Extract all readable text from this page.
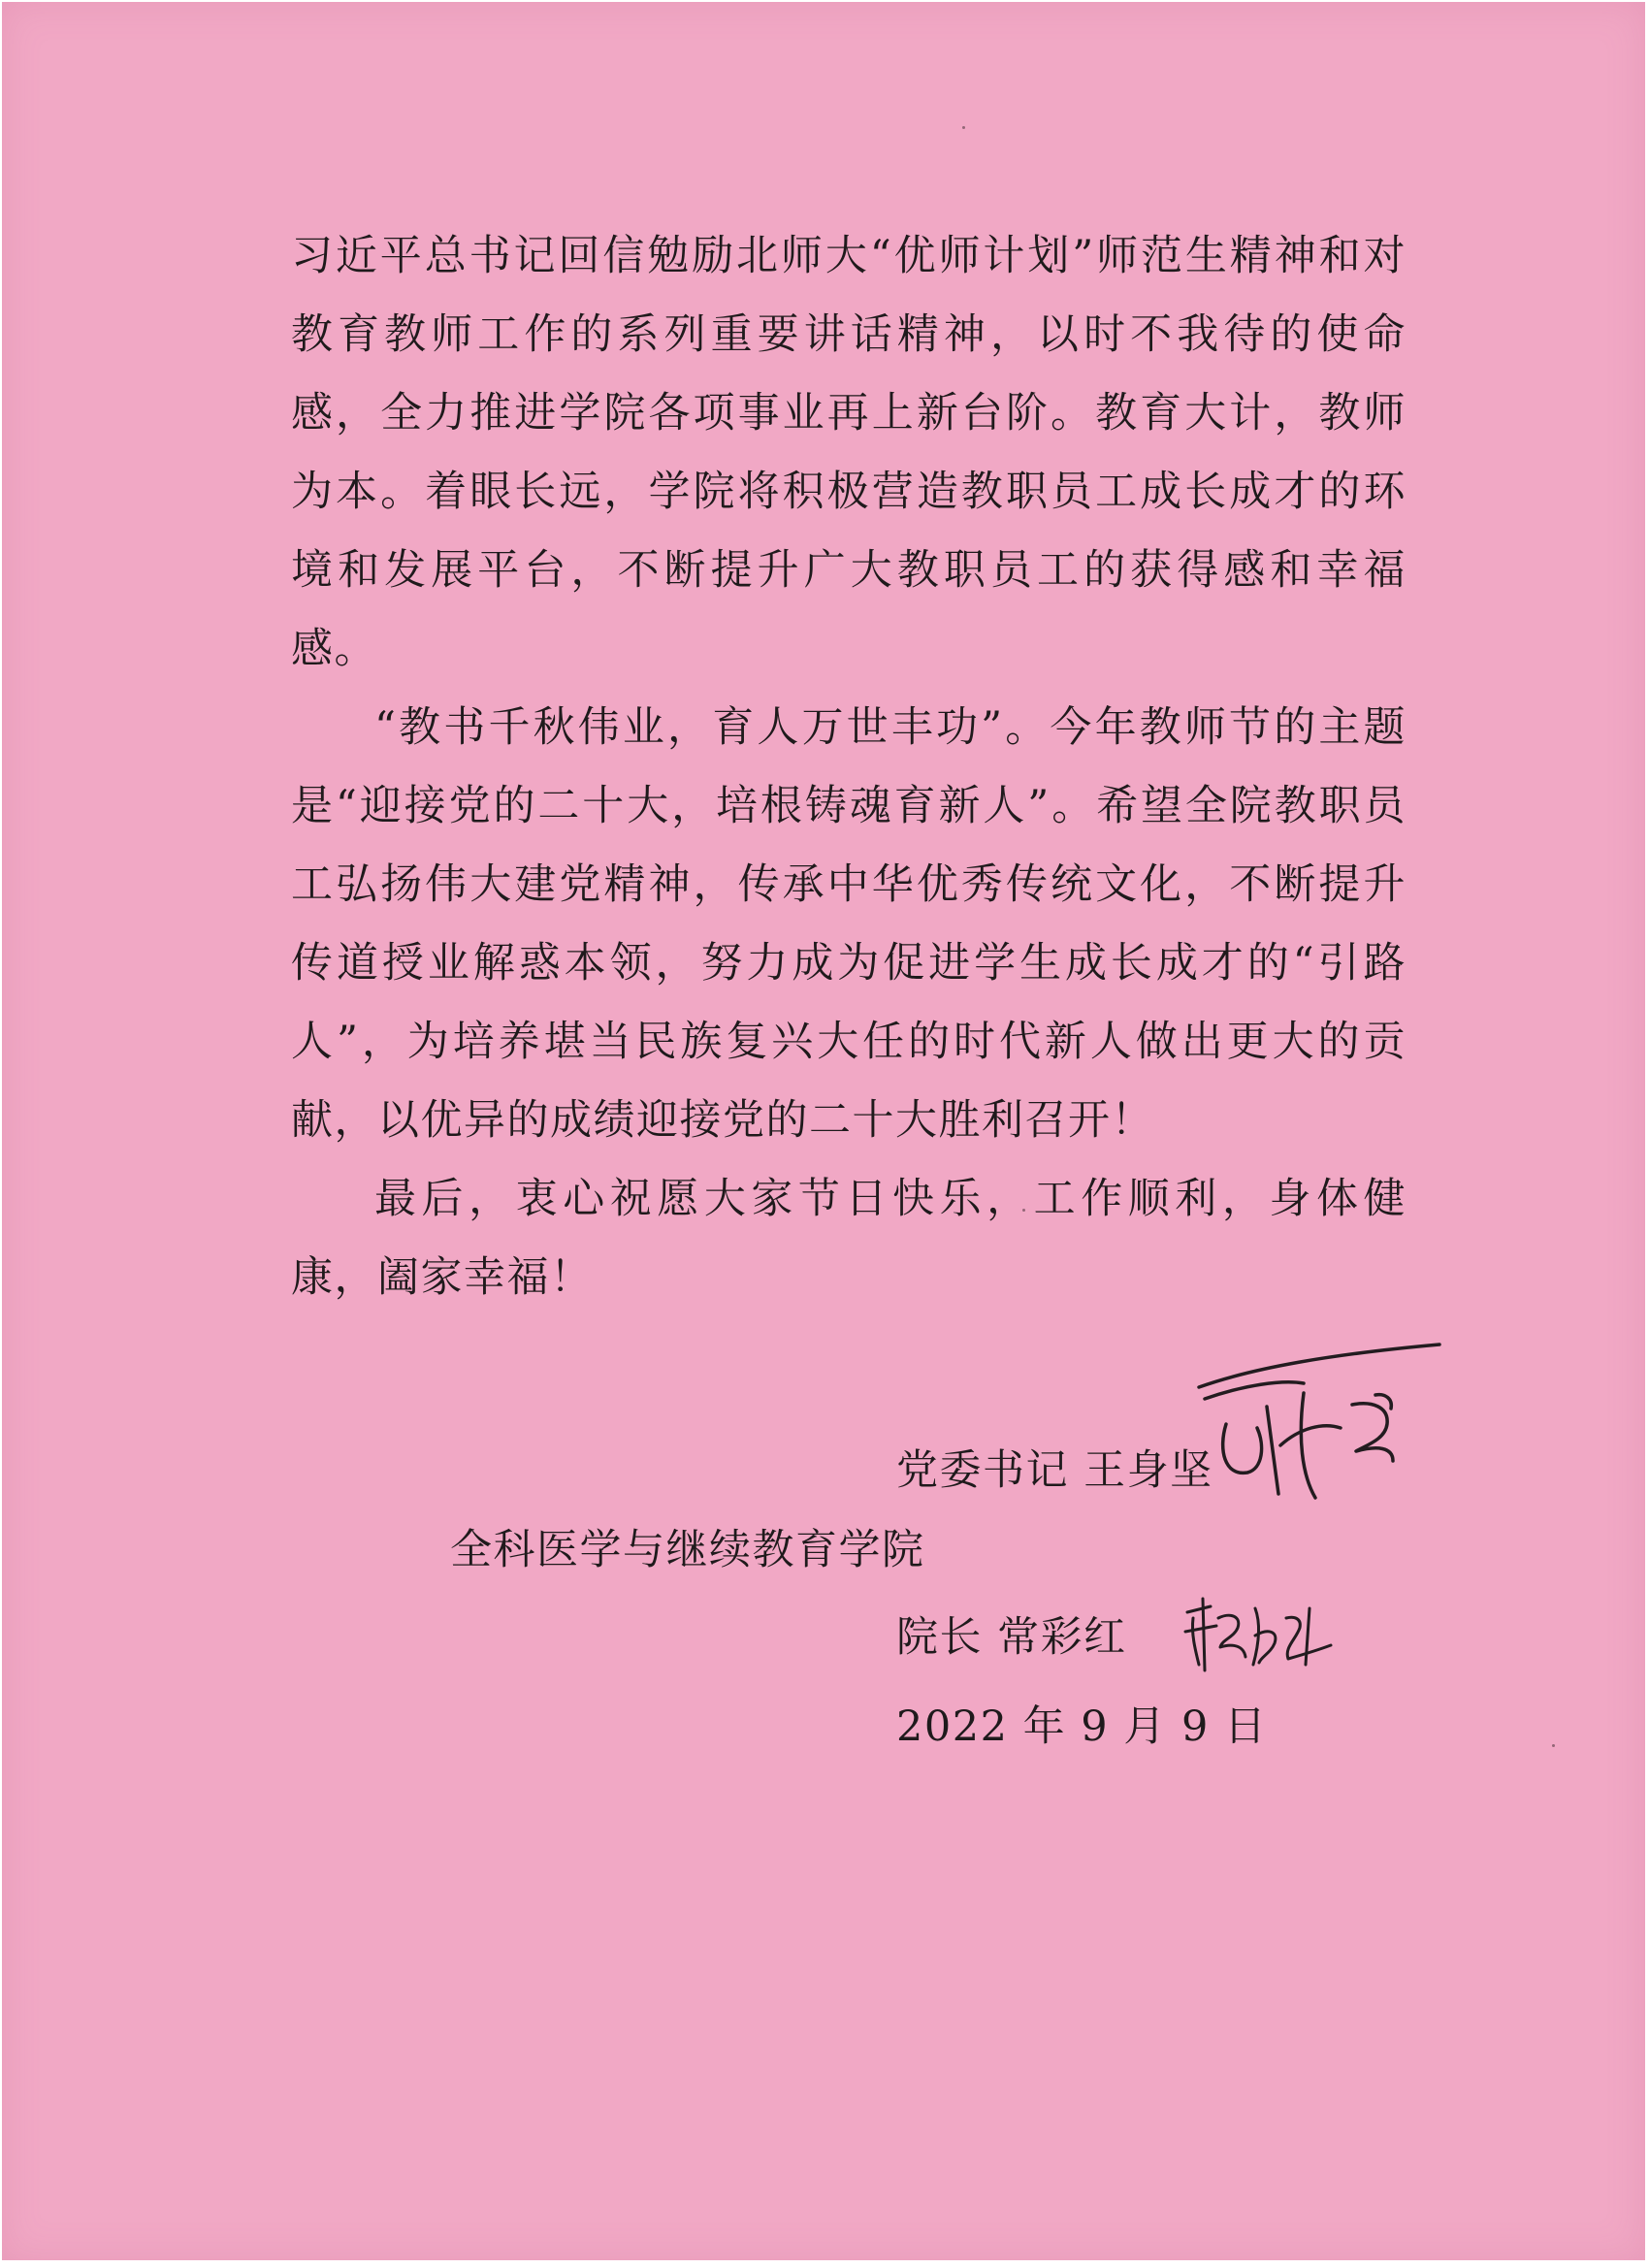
习近平总书记回信勉励北师大“优师计划”师范生精神和对教育教师工作的系列重要讲话精神，以时不我待的使命感，全力推进学院各项事业再上新台阶。教育大计，教师为本。着眼长远，学院将积极营造教职员工成长成才的环境和发展平台，不断提升广大教职员工的获得感和幸福感。

“教书千秋伟业，育人万世丰功”。今年教师节的主题是“迎接党的二十大，培根铸魂育新人”。希望全院教职员工弘扬伟大建党精神，传承中华优秀传统文化，不断提升传道授业解惑本领，努力成为促进学生成长成才的“引路人”，为培养堪当民族复兴大任的时代新人做出更大的贡献，以优异的成绩迎接党的二十大胜利召开！

最后，衷心祝愿大家节日快乐，工作顺利，身体健康，阖家幸福！

党委书记 王身坚
全科医学与继续教育学院
院长 常彩红
2022 年 9 月 9 日
